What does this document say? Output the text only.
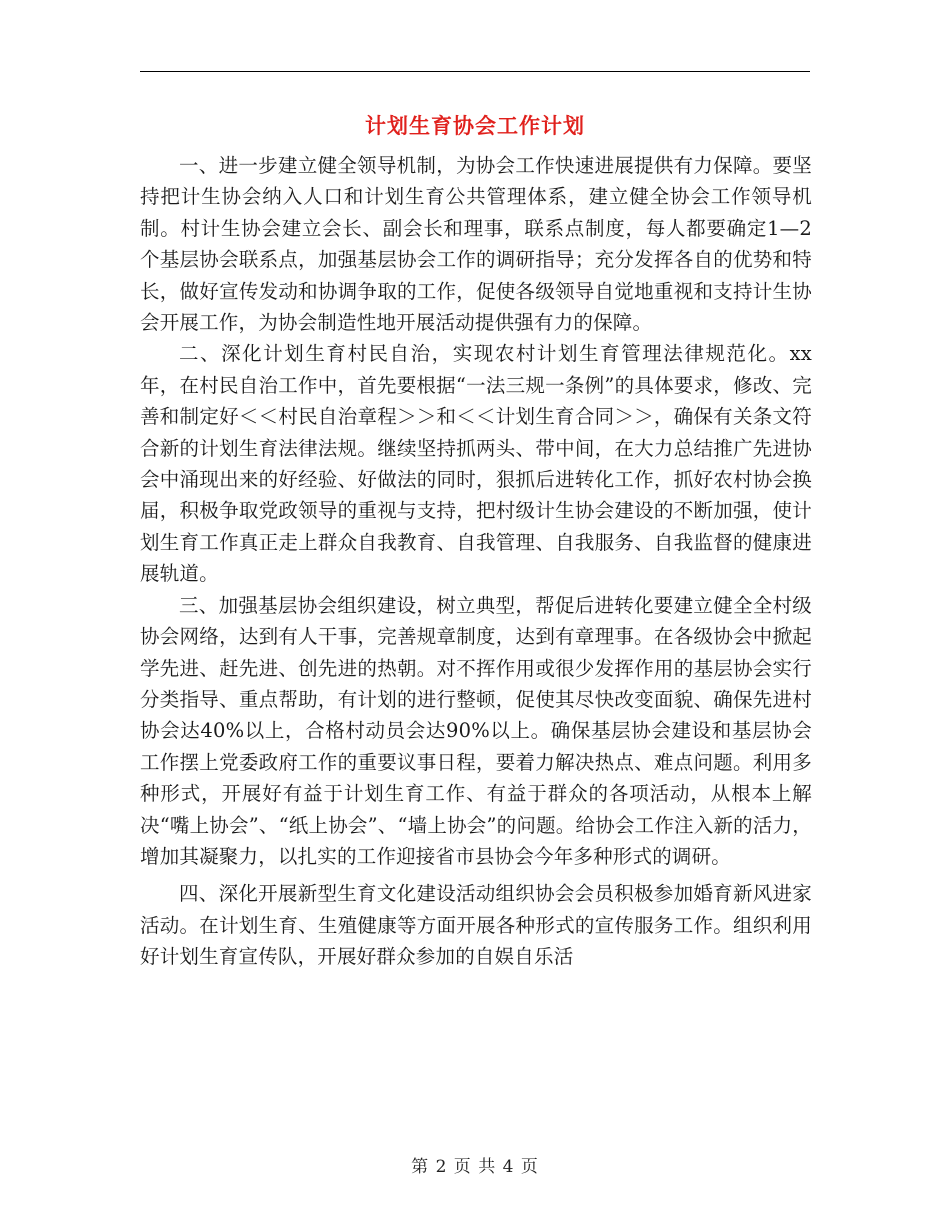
计划生育协会工作计划

一、进一步建立健全领导机制，为协会工作快速进展提供有力保障。要坚持把计生协会纳入人口和计划生育公共管理体系，建立健全协会工作领导机制。村计生协会建立会长、副会长和理事，联系点制度，每人都要确定1—2个基层协会联系点，加强基层协会工作的调研指导；充分发挥各自的优势和特长，做好宣传发动和协调争取的工作，促使各级领导自觉地重视和支持计生协会开展工作，为协会制造性地开展活动提供强有力的保障。

二、深化计划生育村民自治，实现农村计划生育管理法律规范化。xx年，在村民自治工作中，首先要根据“一法三规一条例”的具体要求，修改、完善和制定好＜＜村民自治章程＞＞和＜＜计划生育合同＞＞，确保有关条文符合新的计划生育法律法规。继续坚持抓两头、带中间，在大力总结推广先进协会中涌现出来的好经验、好做法的同时，狠抓后进转化工作，抓好农村协会换届，积极争取党政领导的重视与支持，把村级计生协会建设的不断加强，使计划生育工作真正走上群众自我教育、自我管理、自我服务、自我监督的健康进展轨道。

三、加强基层协会组织建设，树立典型，帮促后进转化要建立健全全村级协会网络，达到有人干事，完善规章制度，达到有章理事。在各级协会中掀起学先进、赶先进、创先进的热朝。对不挥作用或很少发挥作用的基层协会实行分类指导、重点帮助，有计划的进行整顿，促使其尽快改变面貌、确保先进村协会达40%以上，合格村动员会达90%以上。确保基层协会建设和基层协会工作摆上党委政府工作的重要议事日程，要着力解决热点、难点问题。利用多种形式，开展好有益于计划生育工作、有益于群众的各项活动，从根本上解决“嘴上协会”、“纸上协会”、“墙上协会”的问题。给协会工作注入新的活力，增加其凝聚力，以扎实的工作迎接省市县协会今年多种形式的调研。

四、深化开展新型生育文化建设活动组织协会会员积极参加婚育新风进家活动。在计划生育、生殖健康等方面开展各种形式的宣传服务工作。组织利用好计划生育宣传队，开展好群众参加的自娱自乐活

第 2 页 共 4 页
